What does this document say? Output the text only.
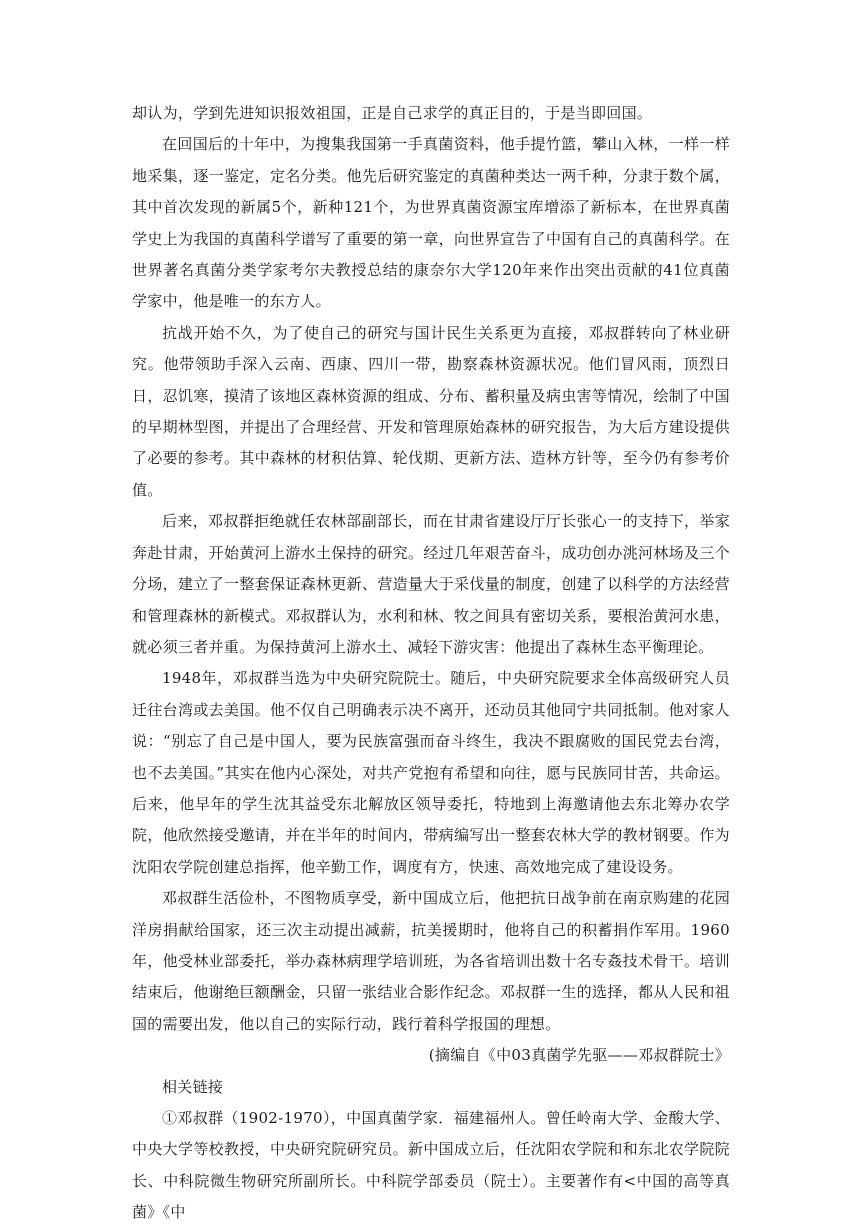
却认为，学到先进知识报效祖国，正是自己求学的真正目的，于是当即回国。

在回国后的十年中，为搜集我国第一手真菌资料，他手提竹篮，攀山入林，一样一样地采集，逐一鉴定，定名分类。他先后研究鉴定的真菌种类达一两千种，分隶于数个属，其中首次发现的新属5个，新种121个，为世界真菌资源宝库增添了新标本，在世界真菌学史上为我国的真菌科学谱写了重要的第一章，向世界宣告了中国有自己的真菌科学。在世界著名真菌分类学家考尔夫教授总结的康奈尔大学120年来作出突出贡献的41位真菌学家中，他是唯一的东方人。

抗战开始不久，为了使自己的研究与国计民生关系更为直接，邓叔群转向了林业研究。他带领助手深入云南、西康、四川一带，勘察森林资源状况。他们冒风雨，顶烈日日，忍饥寒，摸清了该地区森林资源的组成、分布、蓄积量及病虫害等情况，绘制了中国的早期林型图，并提出了合理经营、开发和管理原始森林的研究报告，为大后方建设提供了必要的参考。其中森林的材积估算、轮伐期、更新方法、造林方针等，至今仍有参考价值。

后来，邓叔群拒绝就任农林部副部长，而在甘肃省建设厅厅长张心一的支持下，举家奔赴甘肃，开始黄河上游水土保持的研究。经过几年艰苦奋斗，成功创办洮河林场及三个分场，建立了一整套保证森林更新、营造量大于采伐量的制度，创建了以科学的方法经营和管理森林的新模式。邓叔群认为，水利和林、牧之间具有密切关系，要根治黄河水患，就必须三者并重。为保持黄河上游水土、减轻下游灾害：他提出了森林生态平衡理论。

1948年，邓叔群当选为中央研究院院士。随后，中央研究院要求全体高级研究人员迁往台湾或去美国。他不仅自己明确表示决不离开，还动员其他同宁共同抵制。他对家人说：“别忘了自己是中国人，要为民族富强而奋斗终生，我决不跟腐败的国民党去台湾，也不去美国。”其实在他内心深处，对共产党抱有希望和向往，愿与民族同甘苦，共命运。后来，他早年的学生沈其益受东北解放区领导委托，特地到上海邀请他去东北筹办农学院，他欣然接受邀请，并在半年的时间内，带病编写出一整套农林大学的教材钢要。作为沈阳农学院创建总指挥，他辛勤工作，调度有方，快速、高效地完成了建设设务。

邓叔群生活俭朴，不图物质享受，新中国成立后，他把抗日战争前在南京购建的花园洋房捐献给国家，还三次主动提出减薪，抗美援期时，他将自己的积蓄捐作军用。1960年，他受林业部委托，举办森林病理学培训班，为各省培训出数十名专姦技术骨干。培训结束后，他谢绝巨额酬金，只留一张结业合影作纪念。邓叔群一生的选择，都从人民和祖国的需要出发，他以自己的实际行动，践行着科学报国的理想。

(摘编自《中03真菌学先驱——邓叔群院士》

相关链接

①邓叔群（1902-1970），中国真菌学家．福建福州人。曾任岭南大学、金酸大学、中央大学等校教授，中央研究院研究员。新中国成立后，任沈阳农学院和和东北农学院院长、中科院微生物研究所副所长。中科院学部委员（院士）。主要著作有<中国的高等真菌》《中
